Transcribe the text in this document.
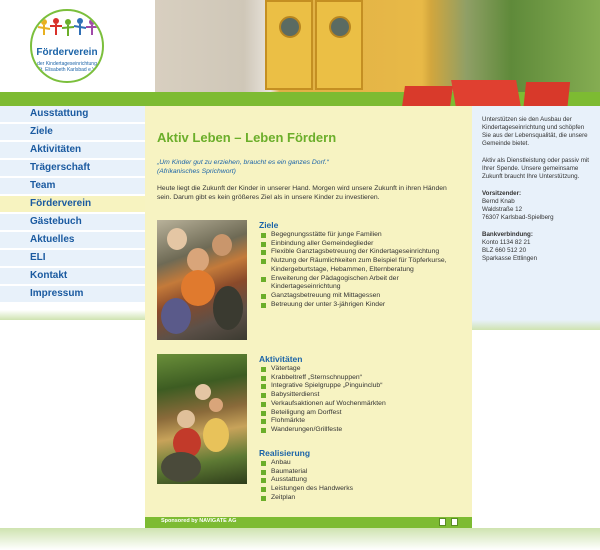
Förderverein
der Kindertageseinrichtung St. Elisabeth Karlsbad e.V.
Ausstattung
Ziele
Aktivitäten
Trägerschaft
Team
Förderverein
Gästebuch
Aktuelles
ELI
Kontakt
Impressum
Aktiv Leben – Leben Fördern
„Um Kinder gut zu erziehen, braucht es ein ganzes Dorf.“
(Afrikanisches Sprichwort)
Heute liegt die Zukunft der Kinder in unserer Hand. Morgen wird unsere Zukunft in ihren Händen sein. Darum gibt es kein größeres Ziel als in unsere Kinder zu investieren.
Ziele
Begegnungsstätte für junge Familien
Einbindung aller Gemeindeglieder
Flexible Ganztagsbetreuung der Kindertageseinrichtung
Nutzung der Räumlichkeiten zum Beispiel für Töpferkurse, Kindergeburtstage, Hebammen, Elternberatung
Erweiterung der Pädagogischen Arbeit der Kindertageseinrichtung
Ganztagsbetreuung mit Mittagessen
Betreuung der unter 3-jährigen Kinder
Aktivitäten
Vätertage
Krabbeltreff „Sternschnuppen“
Integrative Spielgruppe „Pinguinclub“
Babysitterdienst
Verkaufsaktionen auf Wochenmärkten
Beteiligung am Dorffest
Flohmärkte
Wanderungen/Grillfeste
Realisierung
Anbau
Baumaterial
Ausstattung
Leistungen des Handwerks
Zeitplan
Sponsored by NAVIGATE AG

Unterstützen sie den Ausbau der Kindertageseinrichtung und schöpfen Sie aus der Lebensqualität, die unsere Gemeinde bietet.

Aktiv als Dienstleistung oder passiv mit Ihrer Spende. Unsere gemeinsame Zukunft braucht Ihre Unterstützung.

Vorsitzender:
Bernd Knab
Waldstraße 12
76307 Karlsbad-Spielberg

Bankverbindung:
Konto 1134 82 21
BLZ 660 512 20
Sparkasse Ettlingen
